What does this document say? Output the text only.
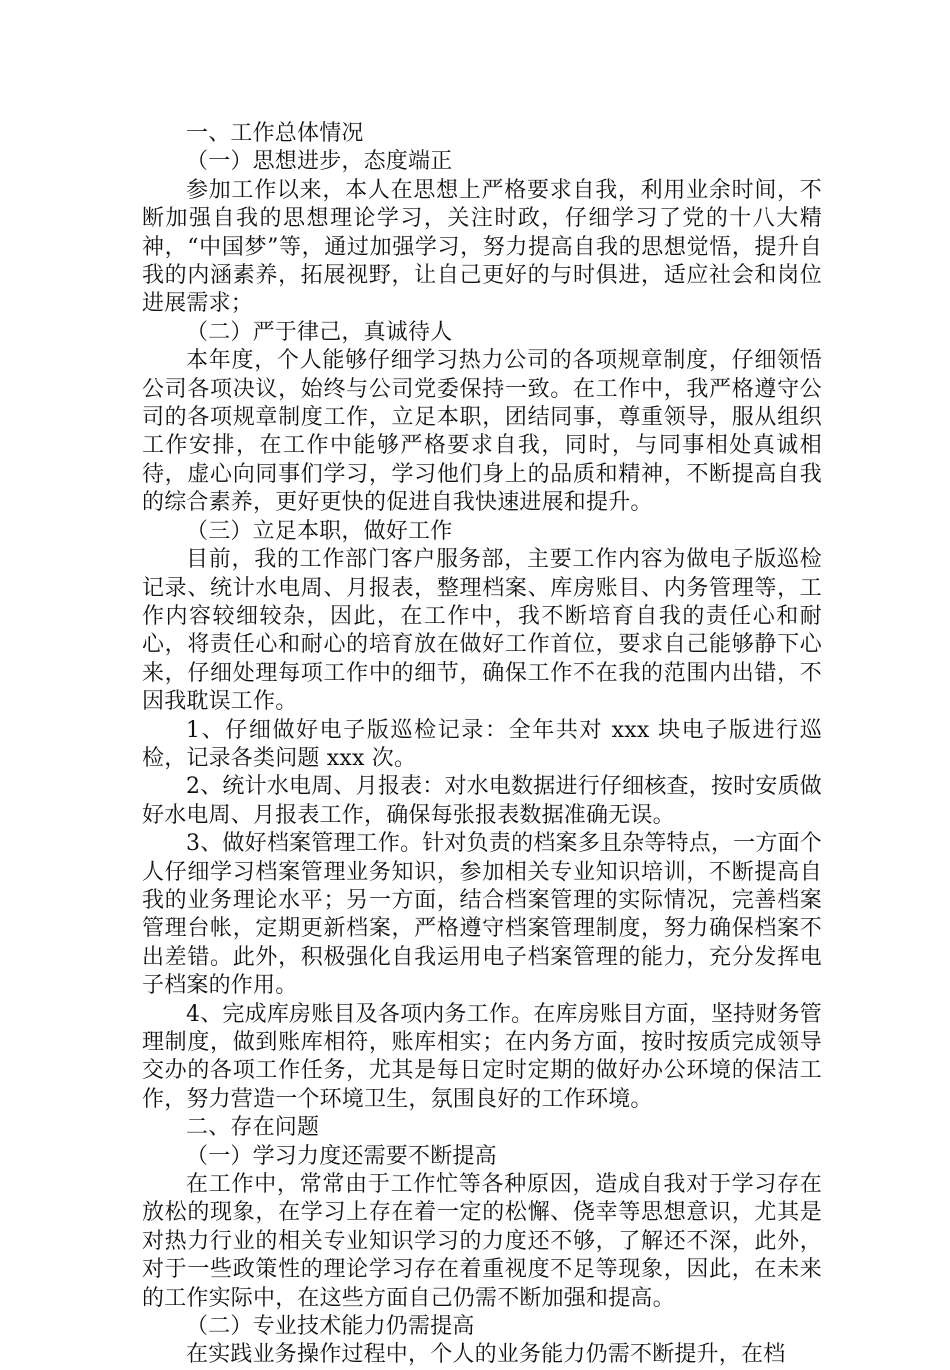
一、工作总体情况

（一）思想进步，态度端正

参加工作以来，本人在思想上严格要求自我，利用业余时间，不断加强自我的思想理论学习，关注时政，仔细学习了党的十八大精神，“中国梦”等，通过加强学习，努力提高自我的思想觉悟，提升自我的内涵素养，拓展视野，让自己更好的与时俱进，适应社会和岗位进展需求；

（二）严于律己，真诚待人

本年度，个人能够仔细学习热力公司的各项规章制度，仔细领悟公司各项决议，始终与公司党委保持一致。在工作中，我严格遵守公司的各项规章制度工作，立足本职，团结同事，尊重领导，服从组织工作安排，在工作中能够严格要求自我，同时，与同事相处真诚相待，虚心向同事们学习，学习他们身上的品质和精神，不断提高自我的综合素养，更好更快的促进自我快速进展和提升。

（三）立足本职，做好工作

目前，我的工作部门客户服务部，主要工作内容为做电子版巡检记录、统计水电周、月报表，整理档案、库房账目、内务管理等，工作内容较细较杂，因此，在工作中，我不断培育自我的责任心和耐心，将责任心和耐心的培育放在做好工作首位，要求自己能够静下心来，仔细处理每项工作中的细节，确保工作不在我的范围内出错，不因我耽误工作。

1、仔细做好电子版巡检记录：全年共对 xxx 块电子版进行巡检，记录各类问题 xxx 次。

2、统计水电周、月报表：对水电数据进行仔细核查，按时安质做好水电周、月报表工作，确保每张报表数据准确无误。

3、做好档案管理工作。针对负责的档案多且杂等特点，一方面个人仔细学习档案管理业务知识，参加相关专业知识培训，不断提高自我的业务理论水平；另一方面，结合档案管理的实际情况，完善档案管理台帐，定期更新档案，严格遵守档案管理制度，努力确保档案不出差错。此外，积极强化自我运用电子档案管理的能力，充分发挥电子档案的作用。

4、完成库房账目及各项内务工作。在库房账目方面，坚持财务管理制度，做到账库相符，账库相实；在内务方面，按时按质完成领导交办的各项工作任务，尤其是每日定时定期的做好办公环境的保洁工作，努力营造一个环境卫生，氛围良好的工作环境。

二、存在问题

（一）学习力度还需要不断提高

在工作中，常常由于工作忙等各种原因，造成自我对于学习存在放松的现象，在学习上存在着一定的松懈、侥幸等思想意识，尤其是对热力行业的相关专业知识学习的力度还不够，了解还不深，此外，对于一些政策性的理论学习存在着重视度不足等现象，因此，在未来的工作实际中，在这些方面自己仍需不断加强和提高。

（二）专业技术能力仍需提高

在实践业务操作过程中，个人的业务能力仍需不断提升，在档
